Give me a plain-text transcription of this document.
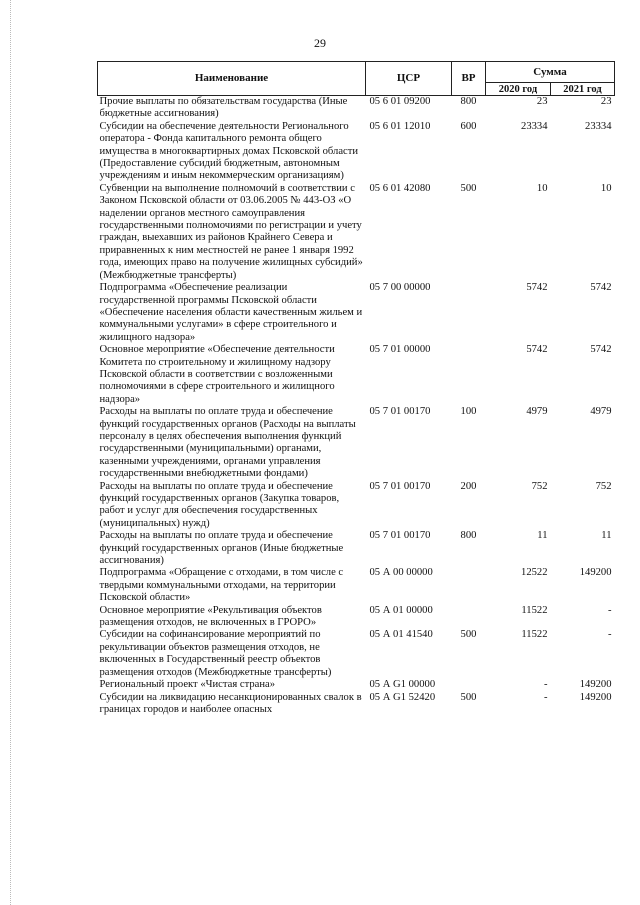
29
Наименование	ЦСР	ВР	Сумма	
			2020 год	2021 год
Прочие выплаты по обязательствам государства (Иные бюджетные ассигнования)	05 6 01 09200	800	23	23
Субсидии на обеспечение деятельности Регионального оператора - Фонда капитального ремонта общего имущества в многоквартирных домах Псковской области (Предоставление субсидий бюджетным, автономным учреждениям и иным некоммерческим организациям)	05 6 01 12010	600	23334	23334
Субвенции на выполнение полномочий в соответствии с Законом Псковской области от 03.06.2005 № 443-ОЗ «О наделении органов местного самоуправления государственными полномочиями по регистрации и учету граждан, выехавших из районов Крайнего Севера и приравненных к ним местностей не ранее 1 января 1992 года, имеющих право на получение жилищных субсидий» (Межбюджетные трансферты)	05 6 01 42080	500	10	10
Подпрограмма «Обеспечение реализации государственной программы Псковской области «Обеспечение населения области качественным жильем и коммунальными услугами» в сфере строительного и жилищного надзора»	05 7 00 00000		5742	5742
Основное мероприятие «Обеспечение деятельности Комитета по строительному и жилищному надзору Псковской области в соответствии с возложенными полномочиями в сфере строительного и жилищного надзора»	05 7 01 00000		5742	5742
Расходы на выплаты по оплате труда и обеспечение функций государственных органов (Расходы на выплаты персоналу в целях обеспечения выполнения функций государственными (муниципальными) органами, казенными учреждениями, органами управления государственными внебюджетными фондами)	05 7 01 00170	100	4979	4979
Расходы на выплаты по оплате труда и обеспечение функций государственных органов (Закупка товаров, работ и услуг для обеспечения государственных (муниципальных) нужд)	05 7 01 00170	200	752	752
Расходы на выплаты по оплате труда и обеспечение функций государственных органов (Иные бюджетные ассигнования)	05 7 01 00170	800	11	11
Подпрограмма «Обращение с отходами, в том числе с твердыми коммунальными отходами, на территории Псковской области»	05 А 00 00000		12522	149200
Основное мероприятие «Рекультивация объектов размещения отходов, не включенных в ГРОРО»	05 А 01 00000		11522	-
Субсидии на софинансирование мероприятий по рекультивации объектов размещения отходов, не включенных в Государственный реестр объектов размещения отходов (Межбюджетные трансферты)	05 А 01 41540	500	11522	-
Региональный проект «Чистая страна»	05 А G1 00000		-	149200
Субсидии на ликвидацию несанкционированных свалок в границах городов и наиболее опасных	05 А G1 52420	500	-	149200
